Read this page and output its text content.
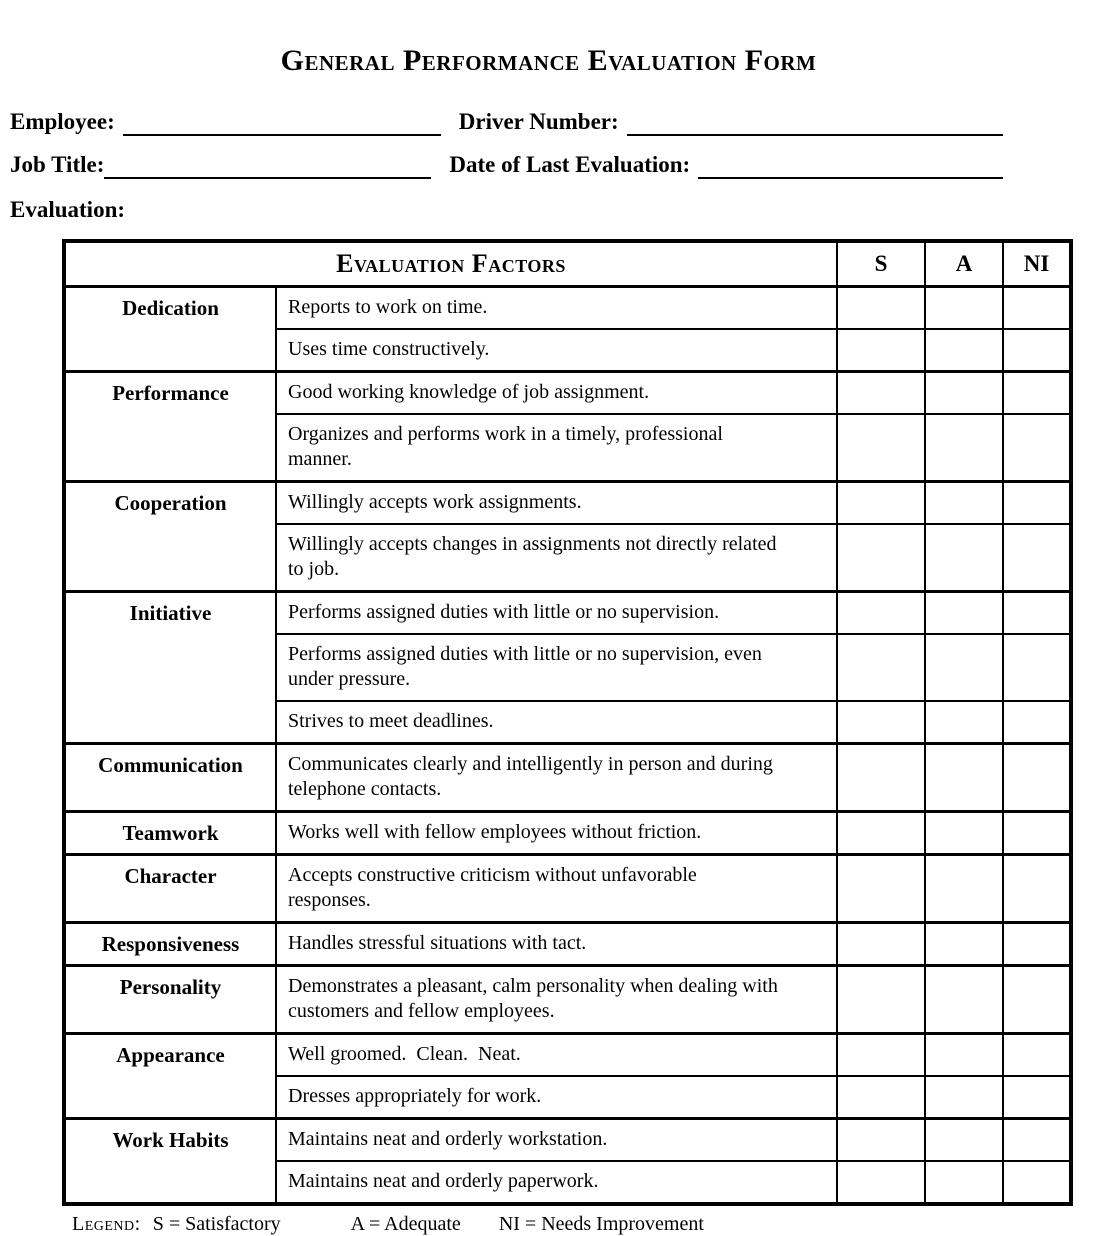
General Performance Evaluation Form
Employee:	Driver Number:
Job Title:	Date of Last Evaluation:
Evaluation:
Evaluation Factors		S	A	NI
Dedication	Reports to work on time.			
	Uses time constructively.			
Performance	Good working knowledge of job assignment.			
	Organizes and performs work in a timely, professional manner.			
Cooperation	Willingly accepts work assignments.			
	Willingly accepts changes in assignments not directly related to job.			
Initiative	Performs assigned duties with little or no supervision.			
	Performs assigned duties with little or no supervision, even under pressure.			
	Strives to meet deadlines.			
Communication	Communicates clearly and intelligently in person and during telephone contacts.			
Teamwork	Works well with fellow employees without friction.			
Character	Accepts constructive criticism without unfavorable responses.			
Responsiveness	Handles stressful situations with tact.			
Personality	Demonstrates a pleasant, calm personality when dealing with customers and fellow employees.			
Appearance	Well groomed.  Clean.  Neat.			
	Dresses appropriately for work.			
Work Habits	Maintains neat and orderly workstation.			
	Maintains neat and orderly paperwork.			
Legend: S = Satisfactory	A = Adequate NI = Needs Improvement
